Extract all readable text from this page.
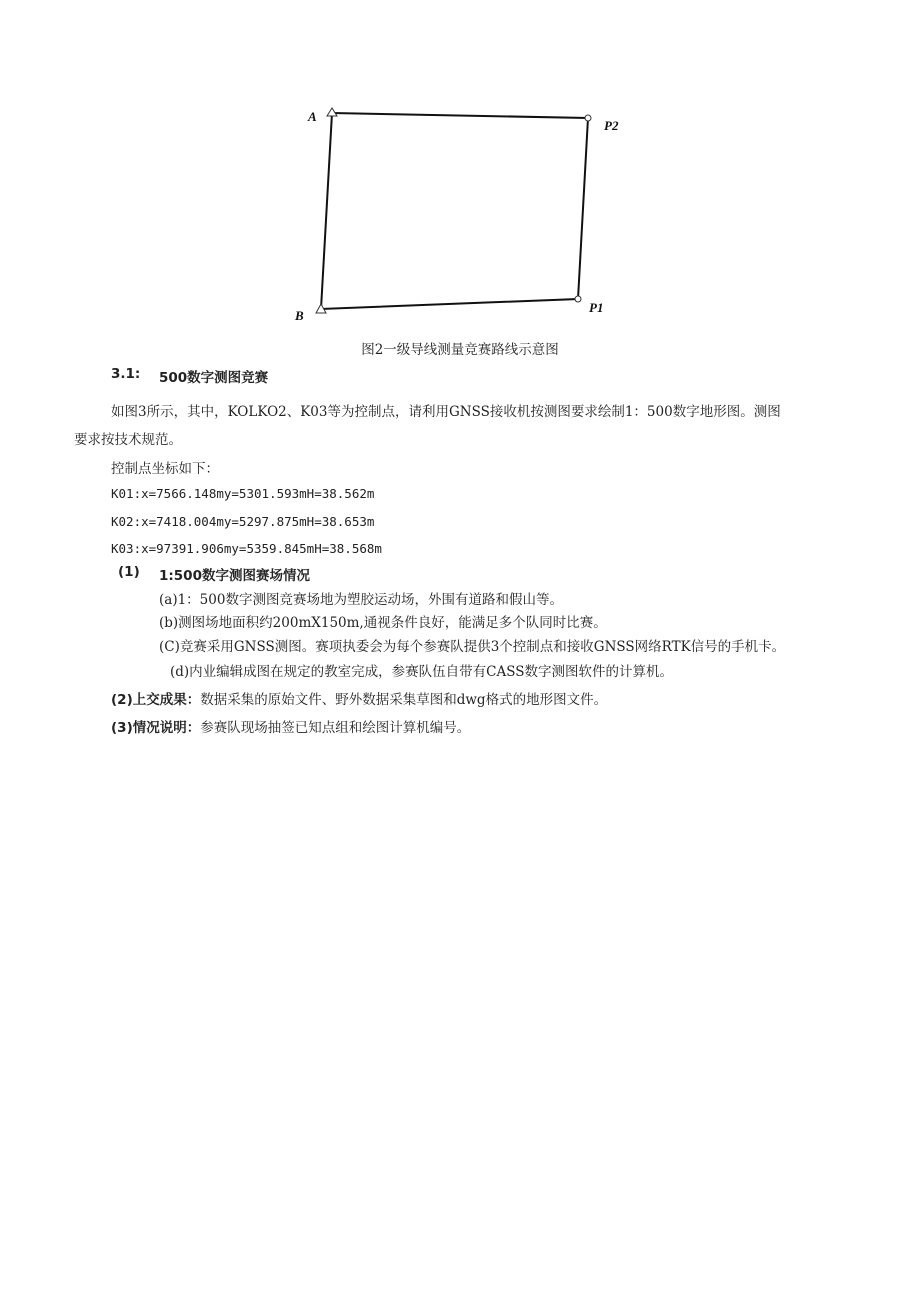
A
P2
B
P1
图2一级导线测量竞赛路线示意图
3.1: 500数字测图竞赛
如图3所示，其中，KOLKO2、K03等为控制点，请利用GNSS接收机按测图要求绘制1：500数字地形图。测图
要求按技术规范。
控制点坐标如下：
K01:x=7566.148my=5301.593mH=38.562m
K02:x=7418.004my=5297.875mH=38.653m
K03:x=97391.906my=5359.845mH=38.568m
(1) 1:500数字测图赛场情况
(a)1：500数字测图竞赛场地为塑胶运动场，外围有道路和假山等。
(b)测图场地面积约200mX150m,通视条件良好，能满足多个队同时比赛。
(C)竞赛采用GNSS测图。赛项执委会为每个参赛队提供3个控制点和接收GNSS网络RTK信号的手机卡。
(d)内业编辑成图在规定的教室完成，参赛队伍自带有CASS数字测图软件的计算机。
(2)上交成果：数据采集的原始文件、野外数据采集草图和dwg格式的地形图文件。
(3)情况说明：参赛队现场抽签已知点组和绘图计算机编号。
